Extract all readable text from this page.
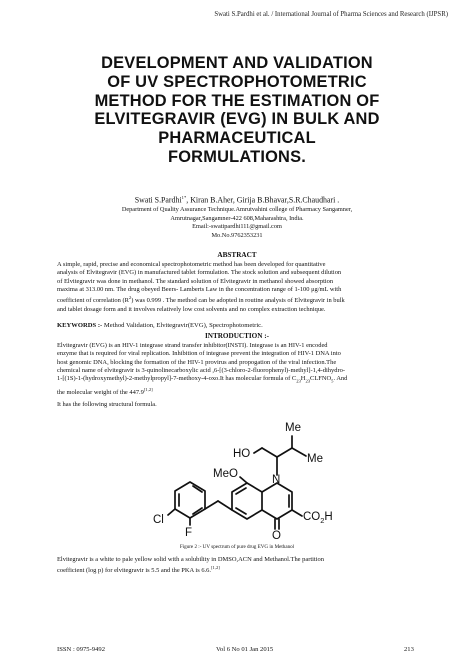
Swati S.Pardhi et al. / International Journal of Pharma Sciences and Research (IJPSR)
DEVELOPMENT AND VALIDATION
OF UV SPECTROPHOTOMETRIC
METHOD FOR THE ESTIMATION OF
ELVITEGRAVIR (EVG) IN BULK AND
PHARMACEUTICAL
FORMULATIONS.
Swati S.Pardhi$^{1*}$, Kiran B.Aher, Girija B.Bhavar,S.R.Chaudhari .
Department of Quality Assurance Technique.Amrutvahini college of Pharmacy Sangamner,
Amrutnagar,Sangamner-422 608,Maharashtra, India.
Email:-swatipardhi111@gmail.com
Mo.No.9762353231
ABSTRACT
A simple, rapid, precise and economical spectrophotometric method has been developed for quantitative
analysis of Elvitegravir (EVG) in manufactured tablet formulation. The stock solution and subsequent dilution
of Elvitegravir was done in methanol. The standard solution of Elvitegravir in methanol showed absorption
maxima at 313.00 nm. The drug obeyed Beers- Lamberts Law in the concentration range of 1-100 μg/mL with
coefficient of correlation $(R^2)$ was 0.999 . The method can be adopted in routine analysis of Elvitegravir in bulk
and tablet dosage form and it involves relatively low cost solvents and no complex extraction technique.
KEYWORDS :- Method Validation, Elvitegravir(EVG), Spectrophotometric.
INTRODUCTION :-
Elvitegravir (EVG) is an HIV-1 integrase strand transfer inhibitor(INSTI). Integrase is an HIV-1 encoded
enzyme that is required for viral replication. Inhibition of integrase prevent the integration of HIV-1 DNA into
host genomic DNA, blocking the formation of the HIV-1 provirus and propogation of the viral infection.The
chemical name of elvitegravir is 3-quinolinecarboxylic acid ,6-[(3-chloro-2-fluorophenyl)-methyl]-1,4-dihydro-
1-[(1S)-1-(hydroxymethyl)-2-methylpropyl]-7-methoxy-4-oxo.It has molecular formula of $C_{23}H_{23}CLFNO_5$. And
the molecular weight of the 447.9[1,2]
It has the following structural formula.
Me
Me
HO
MeO	N
Cl
F	O
$CO_2H$
Figure 2 :- UV spectrum of pure drug EVG in Methanol
Elvitegravir is a white to pale yellow solid with a solubility in DMSO,ACN and Methanol.The partition
coefficient (log p) for elvitegravir is 5.5 and the PKA is 6.6.[1,2]
ISSN : 0975-9492	Vol 6 No 01 Jan 2015	213
